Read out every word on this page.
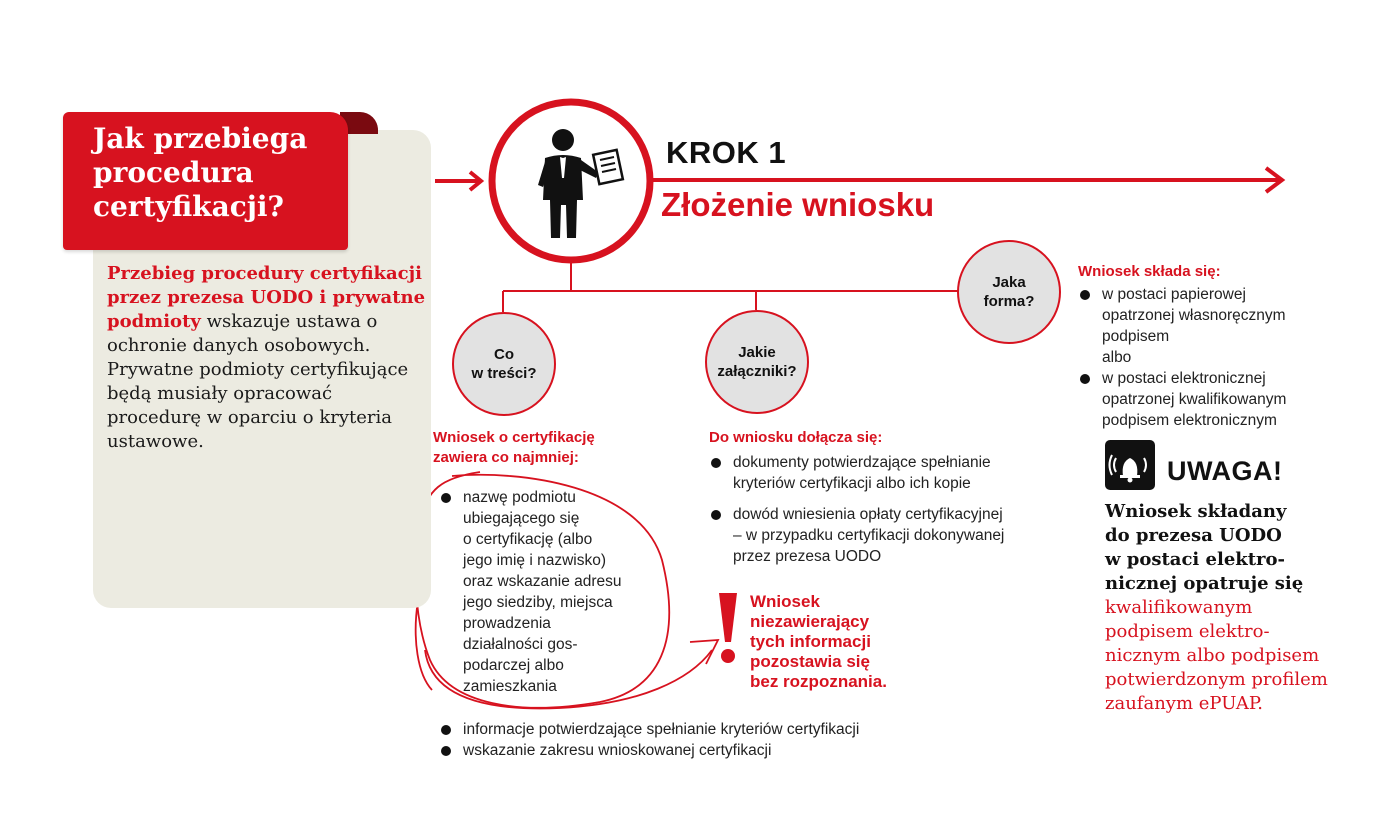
Jak przebiega
procedura
certyfikacji?

Przebieg procedury certyfikacji przez prezesa UODO i prywatne podmioty wskazuje ustawa o ochronie danych osobowych. Prywatne podmioty certyfikujące będą musiały opracować procedurę w oparciu o kryteria ustawowe.

KROK 1
Złożenie wniosku
Co
w treści?
Jakie
załączniki?
Jaka
forma?
Wniosek o certyfikację
zawiera co najmniej:
nazwę podmiotu
ubiegającego się
o certyfikację (albo
jego imię i nazwisko)
oraz wskazanie adresu
jego siedziby, miejsca
prowadzenia
działalności gos-
podarczej albo
zamieszkania
informacje potwierdzające spełnianie kryteriów certyfikacji
wskazanie zakresu wnioskowanej certyfikacji
Do wniosku dołącza się:
dokumenty potwierdzające spełnianie
kryteriów certyfikacji albo ich kopie
dowód wniesienia opłaty certyfikacyjnej
– w przypadku certyfikacji dokonywanej
przez prezesa UODO
Wniosek
niezawierający
tych informacji
pozostawia się
bez rozpoznania.
Wniosek składa się:
w postaci papierowej
opatrzonej własnoręcznym
podpisem
albo
w postaci elektronicznej
opatrzonej kwalifikowanym
podpisem elektronicznym
UWAGA!
Wniosek składany
do prezesa UODO
w postaci elektro-
nicznej opatruje się
kwalifikowanym
podpisem elektro-
nicznym albo podpisem
potwierdzonym profilem
zaufanym ePUAP.
